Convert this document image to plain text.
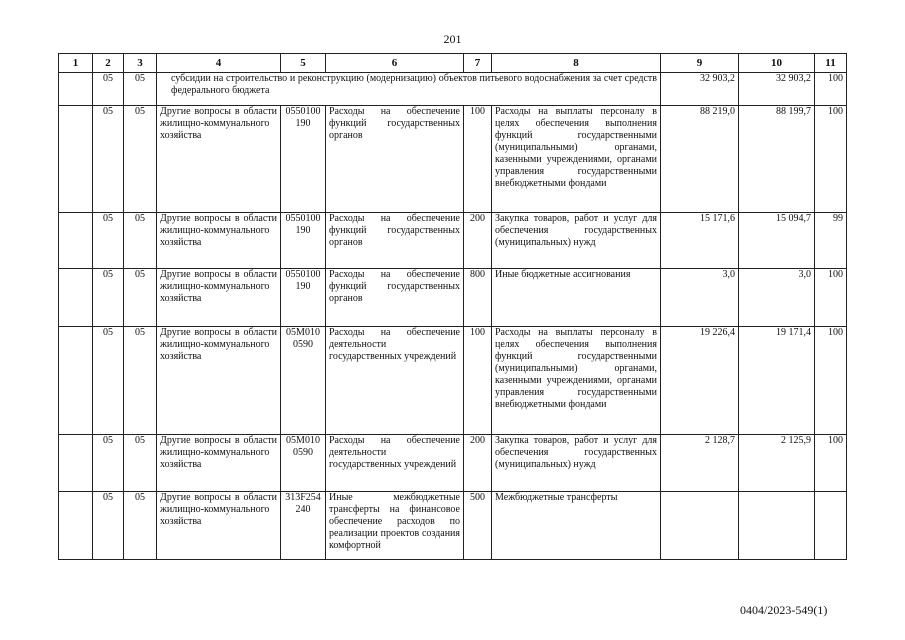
201
1	2	3	4	5	6	7	8	9	10	11
	05	05	субсидии на строительство и реконструкцию (модернизацию) объектов питьевого водоснабжения за счет средств федерального бюджета					32 903,2	32 903,2	100
	05	05	Другие вопросы в области жилищно-коммунального хозяйства	0550100190	Расходы на обеспечение функций государственных органов	100	Расходы на выплаты персоналу в целях обеспечения выполнения функций государственными (муниципальными) органами, казенными учреждениями, органами управления государственными внебюджетными фондами	88 219,0	88 199,7	100
	05	05	Другие вопросы в области жилищно-коммунального хозяйства	0550100190	Расходы на обеспечение функций государственных органов	200	Закупка товаров, работ и услуг для обеспечения государственных (муниципальных) нужд	15 171,6	15 094,7	99
	05	05	Другие вопросы в области жилищно-коммунального хозяйства	0550100190	Расходы на обеспечение функций государственных органов	800	Иные бюджетные ассигнования	3,0	3,0	100
	05	05	Другие вопросы в области жилищно-коммунального хозяйства	05М0100590	Расходы на обеспечение деятельности государственных учреждений	100	Расходы на выплаты персоналу в целях обеспечения выполнения функций государственными (муниципальными) органами, казенными учреждениями, органами управления государственными внебюджетными фондами	19 226,4	19 171,4	100
	05	05	Другие вопросы в области жилищно-коммунального хозяйства	05М0100590	Расходы на обеспечение деятельности государственных учреждений	200	Закупка товаров, работ и услуг для обеспечения государственных (муниципальных) нужд	2 128,7	2 125,9	100
	05	05	Другие вопросы в области жилищно-коммунального хозяйства	313F254240	Иные межбюджетные трансферты на финансовое обеспечение расходов по реализации проектов создания комфортной	500	Межбюджетные трансферты			
0404/2023-549(1)
